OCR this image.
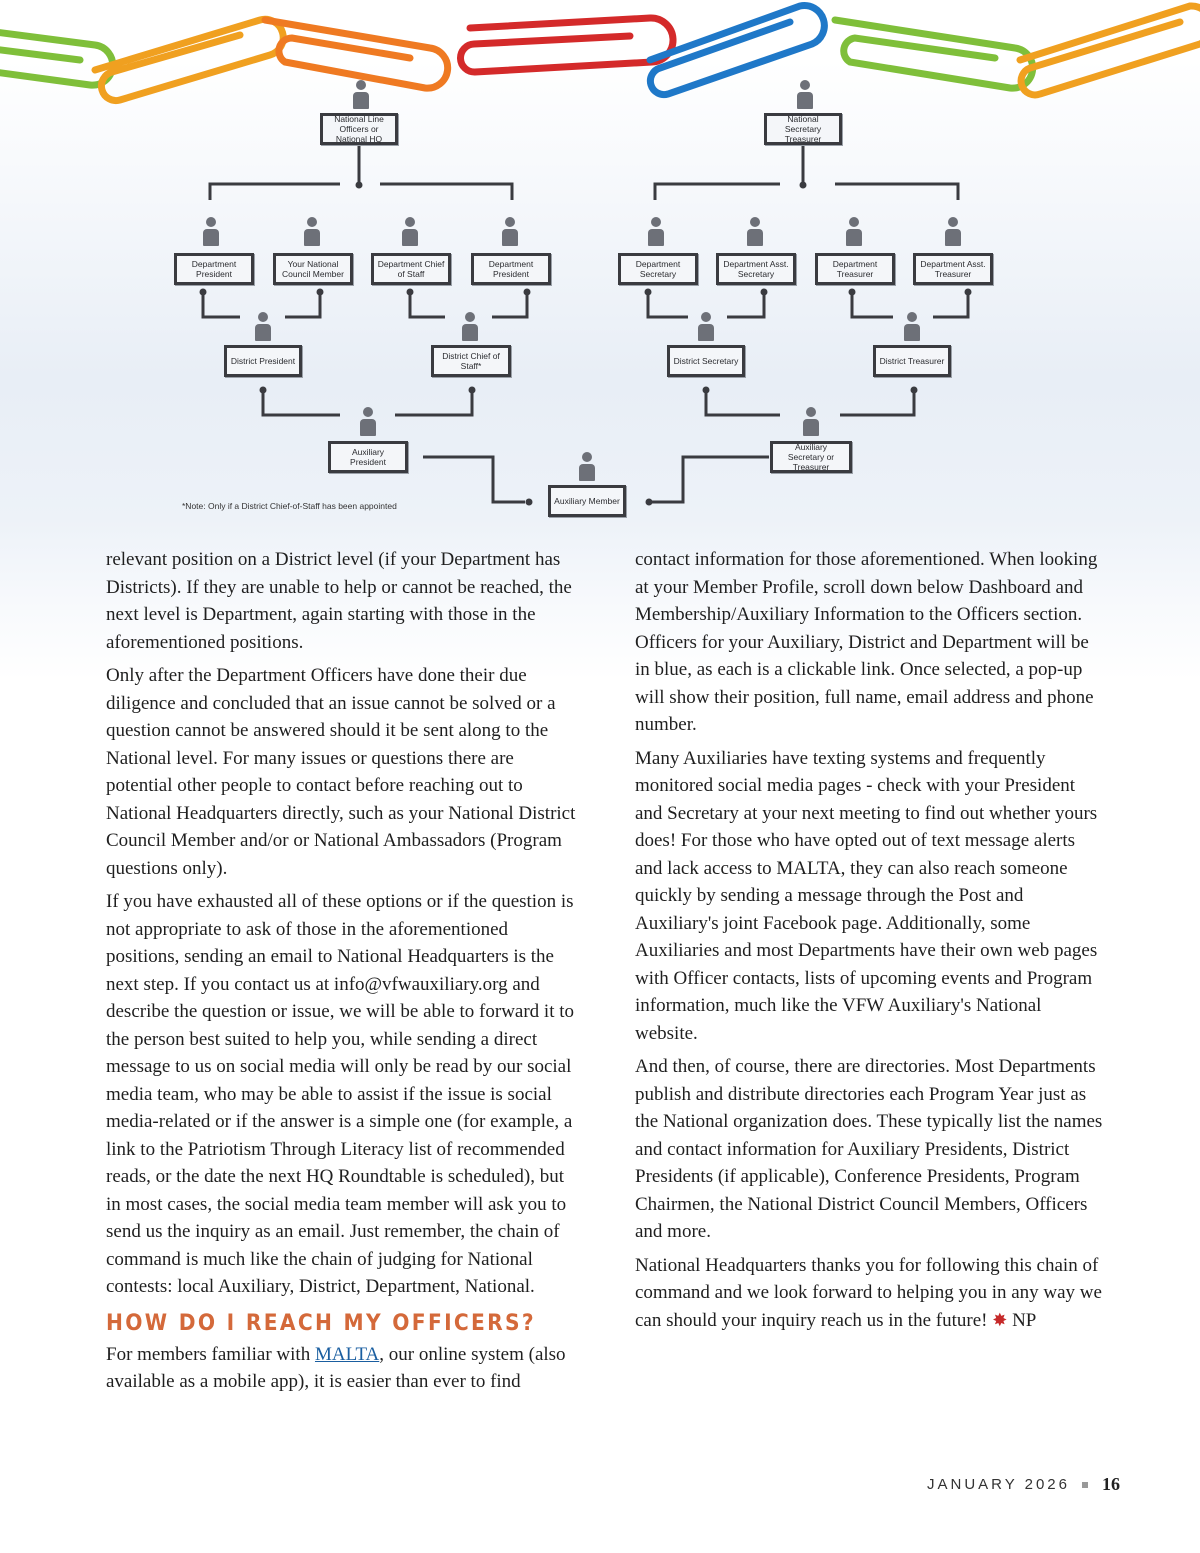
National Line Officers or National HQ
Department President
Your National Council Member
Department Chief of Staff
Department President
District President	District Chief of Staff*
Auxiliary President
National Secretary Treasurer
Department Secretary
Department Asst. Secretary
Department Treasurer
Department Asst. Treasurer
District Secretary	District Treasurer
Auxiliary Secretary or Treasurer
Auxiliary Member
*Note: Only if a District Chief-of-Staff has been appointed

relevant position on a District level (if your Department has Districts). If they are unable to help or cannot be reached, the next level is Department, again starting with those in the aforementioned positions.

Only after the Department Officers have done their due diligence and concluded that an issue cannot be solved or a question cannot be answered should it be sent along to the National level. For many issues or questions there are potential other people to contact before reaching out to National Headquarters directly, such as your National District Council Member and/or or National Ambassadors (Program questions only).

If you have exhausted all of these options or if the question is not appropriate to ask of those in the aforementioned positions, sending an email to National Headquarters is the next step. If you contact us at info@vfwauxiliary.org and describe the question or issue, we will be able to forward it to the person best suited to help you, while sending a direct message to us on social media will only be read by our social media team, who may be able to assist if the issue is social media-related or if the answer is a simple one (for example, a link to the Patriotism Through Literacy list of recommended reads, or the date the next HQ Roundtable is scheduled), but in most cases, the social media team member will ask you to send us the inquiry as an email. Just remember, the chain of command is much like the chain of judging for National contests: local Auxiliary, District, Department, National.

HOW DO I REACH MY OFFICERS?

For members familiar with MALTA, our online system (also available as a mobile app), it is easier than ever to find

contact information for those aforementioned. When looking at your Member Profile, scroll down below Dashboard and Membership/Auxiliary Information to the Officers section. Officers for your Auxiliary, District and Department will be in blue, as each is a clickable link. Once selected, a pop-up will show their position, full name, email address and phone number.

Many Auxiliaries have texting systems and frequently monitored social media pages - check with your President and Secretary at your next meeting to find out whether yours does! For those who have opted out of text message alerts and lack access to MALTA, they can also reach someone quickly by sending a message through the Post and Auxiliary's joint Facebook page. Additionally, some Auxiliaries and most Departments have their own web pages with Officer contacts, lists of upcoming events and Program information, much like the VFW Auxiliary's National website.

And then, of course, there are directories. Most Departments publish and distribute directories each Program Year just as the National organization does. These typically list the names and contact information for Auxiliary Presidents, District Presidents (if applicable), Conference Presidents, Program Chairmen, the National District Council Members, Officers and more.

National Headquarters thanks you for following this chain of command and we look forward to helping you in any way we can should your inquiry reach us in the future! ✸ NP

JANUARY 2026 16
